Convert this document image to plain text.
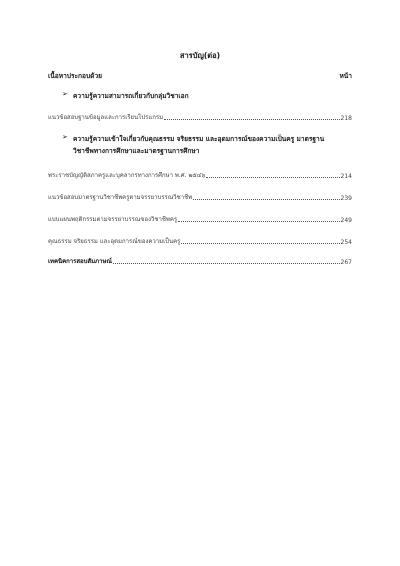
สารบัญ(ต่อ)
เนื้อหาประกอบด้วย	หน้า
➢ ความรู้ความสามารถเกี่ยวกับกลุ่มวิชาเอก
แนวข้อสอบฐานข้อมูลและการเรียนโปรแกรม	218
➢ ความรู้ความเข้าใจเกี่ยวกับคุณธรรม จริยธรรม และอุดมการณ์ของความเป็นครู มาตรฐาน
วิชาชีพทางการศึกษาและมาตรฐานการศึกษา
พระราชบัญญัติสภาครูและบุคลากรทางการศึกษา พ.ศ. ๒๕๔๖	214
แนวข้อสอบมาตรฐานวิชาชีพครูตามจรรยาบรรณวิชาชีพ	239
แบบแผนพฤติกรรมตามจรรยาบรรณของวิชาชีพครู	249
คุณธรรม จริยธรรม และอุดมการณ์ของความเป็นครู	254
เทคนิคการสอบสัมภาษณ์	267
